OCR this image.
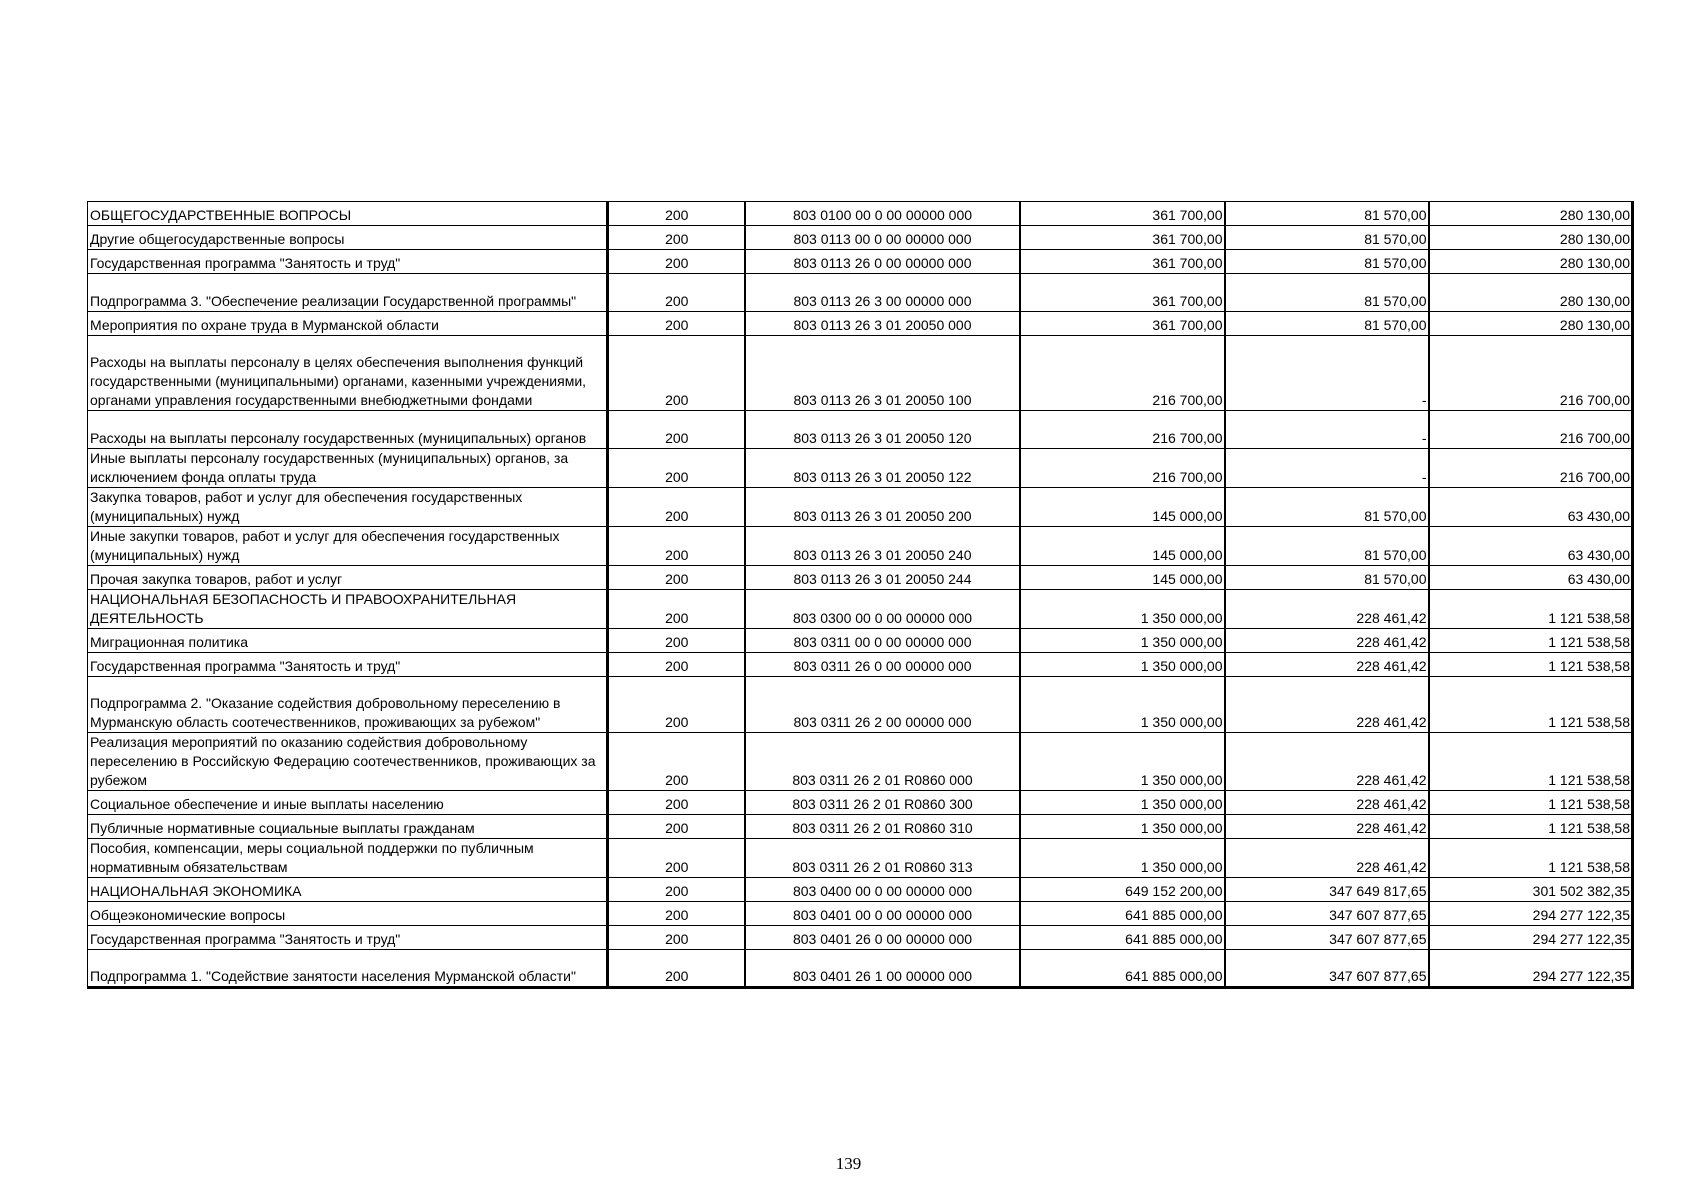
ОБЩЕГОСУДАРСТВЕННЫЕ ВОПРОСЫ	200	803 0100 00 0 00 00000 000	361 700,00	81 570,00	280 130,00
Другие общегосударственные вопросы	200	803 0113 00 0 00 00000 000	361 700,00	81 570,00	280 130,00
Государственная программа "Занятость и труд"	200	803 0113 26 0 00 00000 000	361 700,00	81 570,00	280 130,00
Подпрограмма 3. "Обеспечение реализации Государственной программы"	200	803 0113 26 3 00 00000 000	361 700,00	81 570,00	280 130,00
Мероприятия по охране труда в Мурманской области	200	803 0113 26 3 01 20050 000	361 700,00	81 570,00	280 130,00
Расходы на выплаты персоналу в целях обеспечения выполнения функций государственными (муниципальными) органами, казенными учреждениями, органами управления государственными внебюджетными фондами	200	803 0113 26 3 01 20050 100	216 700,00	-	216 700,00
Расходы на выплаты персоналу государственных (муниципальных) органов	200	803 0113 26 3 01 20050 120	216 700,00	-	216 700,00
Иные выплаты персоналу государственных (муниципальных) органов, за исключением фонда оплаты труда	200	803 0113 26 3 01 20050 122	216 700,00	-	216 700,00
Закупка товаров, работ и услуг для обеспечения государственных (муниципальных) нужд	200	803 0113 26 3 01 20050 200	145 000,00	81 570,00	63 430,00
Иные закупки товаров, работ и услуг для обеспечения государственных (муниципальных) нужд	200	803 0113 26 3 01 20050 240	145 000,00	81 570,00	63 430,00
Прочая закупка товаров, работ и услуг	200	803 0113 26 3 01 20050 244	145 000,00	81 570,00	63 430,00
НАЦИОНАЛЬНАЯ БЕЗОПАСНОСТЬ И ПРАВООХРАНИТЕЛЬНАЯ ДЕЯТЕЛЬНОСТЬ	200	803 0300 00 0 00 00000 000	1 350 000,00	228 461,42	1 121 538,58
Миграционная политика	200	803 0311 00 0 00 00000 000	1 350 000,00	228 461,42	1 121 538,58
Государственная программа "Занятость и труд"	200	803 0311 26 0 00 00000 000	1 350 000,00	228 461,42	1 121 538,58
Подпрограмма 2. "Оказание содействия добровольному переселению в Мурманскую область соотечественников, проживающих за рубежом"	200	803 0311 26 2 00 00000 000	1 350 000,00	228 461,42	1 121 538,58
Реализация мероприятий по оказанию содействия добровольному переселению в Российскую Федерацию соотечественников, проживающих за рубежом	200	803 0311 26 2 01 R0860 000	1 350 000,00	228 461,42	1 121 538,58
Социальное обеспечение и иные выплаты населению	200	803 0311 26 2 01 R0860 300	1 350 000,00	228 461,42	1 121 538,58
Публичные нормативные социальные выплаты гражданам	200	803 0311 26 2 01 R0860 310	1 350 000,00	228 461,42	1 121 538,58
Пособия, компенсации, меры социальной поддержки по публичным нормативным обязательствам	200	803 0311 26 2 01 R0860 313	1 350 000,00	228 461,42	1 121 538,58
НАЦИОНАЛЬНАЯ ЭКОНОМИКА	200	803 0400 00 0 00 00000 000	649 152 200,00	347 649 817,65	301 502 382,35
Общеэкономические вопросы	200	803 0401 00 0 00 00000 000	641 885 000,00	347 607 877,65	294 277 122,35
Государственная программа "Занятость и труд"	200	803 0401 26 0 00 00000 000	641 885 000,00	347 607 877,65	294 277 122,35
Подпрограмма 1. "Содействие занятости населения Мурманской области"	200	803 0401 26 1 00 00000 000	641 885 000,00	347 607 877,65	294 277 122,35
139
